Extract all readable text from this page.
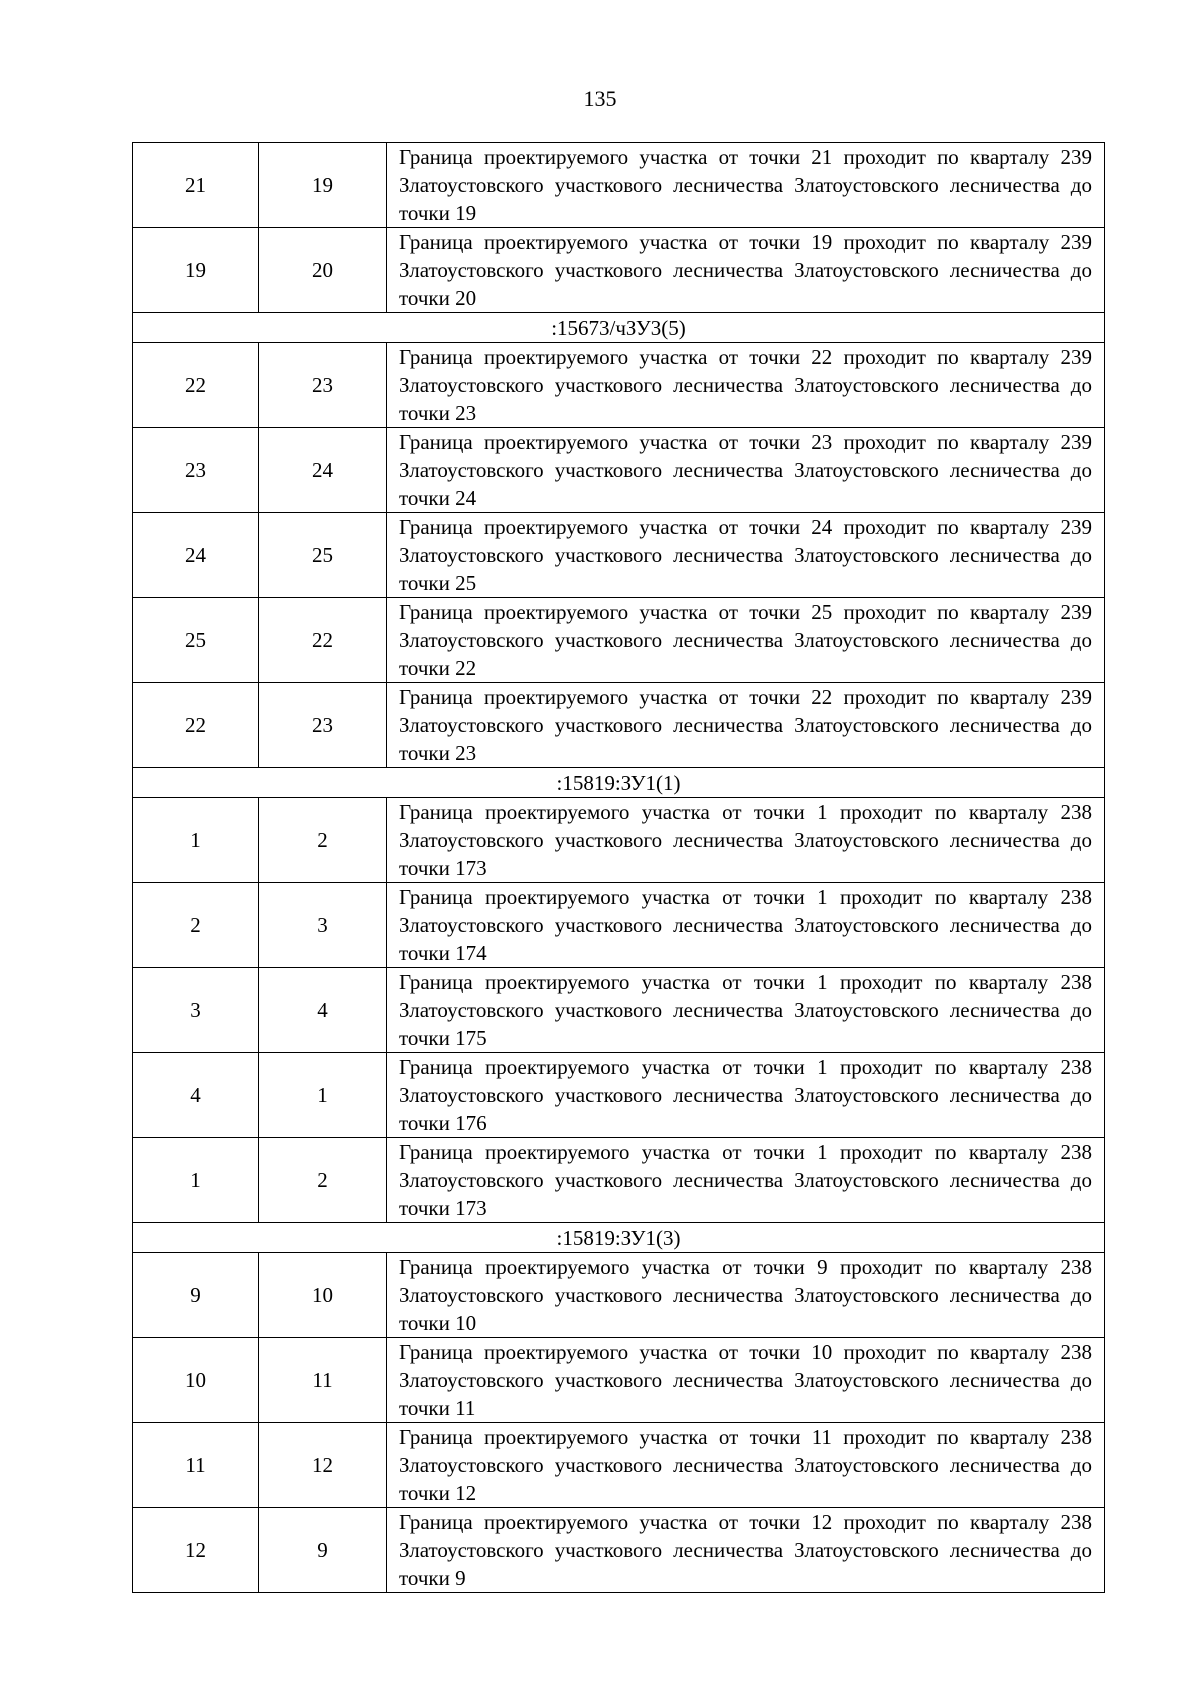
135
21	19	Граница проектируемого участка от точки 21 проходит по кварталу 239 Златоустовского участкового лесничества Златоустовского лесничества до точки 19
19	20	Граница проектируемого участка от точки 19 проходит по кварталу 239 Златоустовского участкового лесничества Златоустовского лесничества до точки 20
:15673/чЗУ3(5)		
22	23	Граница проектируемого участка от точки 22 проходит по кварталу 239 Златоустовского участкового лесничества Златоустовского лесничества до точки 23
23	24	Граница проектируемого участка от точки 23 проходит по кварталу 239 Златоустовского участкового лесничества Златоустовского лесничества до точки 24
24	25	Граница проектируемого участка от точки 24 проходит по кварталу 239 Златоустовского участкового лесничества Златоустовского лесничества до точки 25
25	22	Граница проектируемого участка от точки 25 проходит по кварталу 239 Златоустовского участкового лесничества Златоустовского лесничества до точки 22
22	23	Граница проектируемого участка от точки 22 проходит по кварталу 239 Златоустовского участкового лесничества Златоустовского лесничества до точки 23
:15819:ЗУ1(1)		
1	2	Граница проектируемого участка от точки 1 проходит по кварталу 238 Златоустовского участкового лесничества Златоустовского лесничества до точки 173
2	3	Граница проектируемого участка от точки 1 проходит по кварталу 238 Златоустовского участкового лесничества Златоустовского лесничества до точки 174
3	4	Граница проектируемого участка от точки 1 проходит по кварталу 238 Златоустовского участкового лесничества Златоустовского лесничества до точки 175
4	1	Граница проектируемого участка от точки 1 проходит по кварталу 238 Златоустовского участкового лесничества Златоустовского лесничества до точки 176
1	2	Граница проектируемого участка от точки 1 проходит по кварталу 238 Златоустовского участкового лесничества Златоустовского лесничества до точки 173
:15819:ЗУ1(3)		
9	10	Граница проектируемого участка от точки 9 проходит по кварталу 238 Златоустовского участкового лесничества Златоустовского лесничества до точки 10
10	11	Граница проектируемого участка от точки 10 проходит по кварталу 238 Златоустовского участкового лесничества Златоустовского лесничества до точки 11
11	12	Граница проектируемого участка от точки 11 проходит по кварталу 238 Златоустовского участкового лесничества Златоустовского лесничества до точки 12
12	9	Граница проектируемого участка от точки 12 проходит по кварталу 238 Златоустовского участкового лесничества Златоустовского лесничества до точки 9
